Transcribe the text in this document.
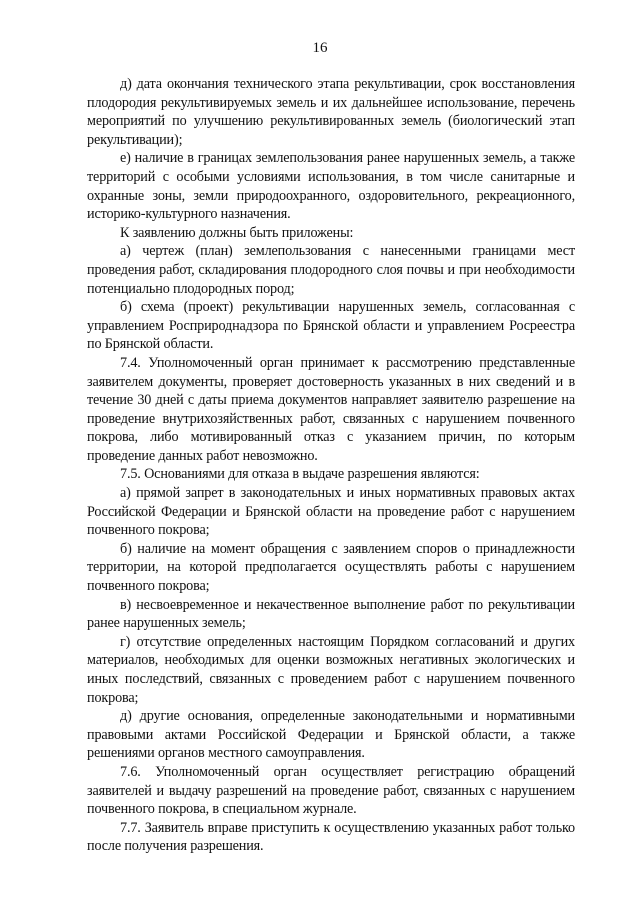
16

д) дата окончания технического этапа рекультивации, срок восстановления плодородия рекультивируемых земель и их дальнейшее использование, перечень мероприятий по улучшению рекультивированных земель (биологический этап рекультивации);

е) наличие в границах землепользования ранее нарушенных земель, а также территорий с особыми условиями использования, в том числе санитарные и охранные зоны, земли природоохранного, оздоровительного, рекреационного, историко-культурного назначения.

К заявлению должны быть приложены:

а) чертеж (план) землепользования с нанесенными границами мест проведения работ, складирования плодородного слоя почвы и при необходимости потенциально плодородных пород;

б) схема (проект) рекультивации нарушенных земель, согласованная с управлением Росприроднадзора по Брянской области и управлением Росреестра по Брянской области.

7.4. Уполномоченный орган принимает к рассмотрению представленные заявителем документы, проверяет достоверность указанных в них сведений и в течение 30 дней с даты приема документов направляет заявителю разрешение на проведение внутрихозяйственных работ, связанных с нарушением почвенного покрова, либо мотивированный отказ с указанием причин, по которым проведение данных работ невозможно.

7.5. Основаниями для отказа в выдаче разрешения являются:

а) прямой запрет в законодательных и иных нормативных правовых актах Российской Федерации и Брянской области на проведение работ с нарушением почвенного покрова;

б) наличие на момент обращения с заявлением споров о принадлежности территории, на которой предполагается осуществлять работы с нарушением почвенного покрова;

в) несвоевременное и некачественное выполнение работ по рекультивации ранее нарушенных земель;

г) отсутствие определенных настоящим Порядком согласований и других материалов, необходимых для оценки возможных негативных экологических и иных последствий, связанных с проведением работ с нарушением почвенного покрова;

д) другие основания, определенные законодательными и нормативными правовыми актами Российской Федерации и Брянской области, а также решениями органов местного самоуправления.

7.6. Уполномоченный орган осуществляет регистрацию обращений заявителей и выдачу разрешений на проведение работ, связанных с нарушением почвенного покрова, в специальном журнале.

7.7. Заявитель вправе приступить к осуществлению указанных работ только после получения разрешения.
